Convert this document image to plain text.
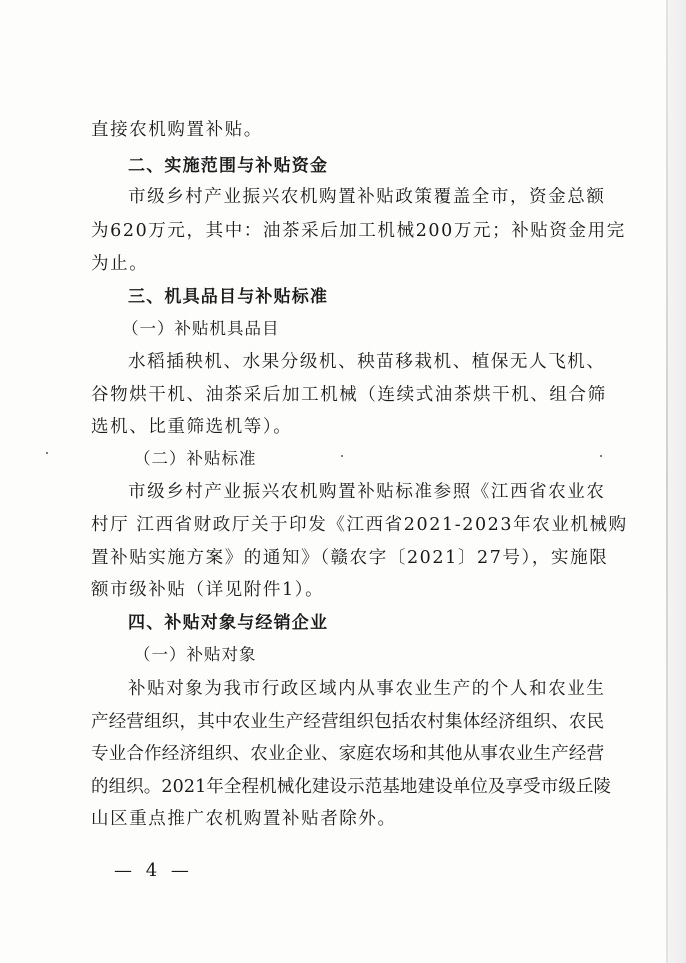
直接农机购置补贴。
二、实施范围与补贴资金
市级乡村产业振兴农机购置补贴政策覆盖全市，资金总额
为620万元，其中：油茶采后加工机械200万元；补贴资金用完
为止。
三、机具品目与补贴标准
（一）补贴机具品目
水稻插秧机、水果分级机、秧苗移栽机、植保无人飞机、
谷物烘干机、油茶采后加工机械（连续式油茶烘干机、组合筛
选机、比重筛选机等）。
（二）补贴标准
市级乡村产业振兴农机购置补贴标准参照《江西省农业农
村厅 江西省财政厅关于印发《江西省2021-2023年农业机械购
置补贴实施方案》的通知》（赣农字〔2021〕27号），实施限
额市级补贴（详见附件1）。
四、补贴对象与经销企业
（一）补贴对象
补贴对象为我市行政区域内从事农业生产的个人和农业生
产经营组织，其中农业生产经营组织包括农村集体经济组织、农民
专业合作经济组织、农业企业、家庭农场和其他从事农业生产经营
的组织。2021年全程机械化建设示范基地建设单位及享受市级丘陵
山区重点推广农机购置补贴者除外。
— 4 —
